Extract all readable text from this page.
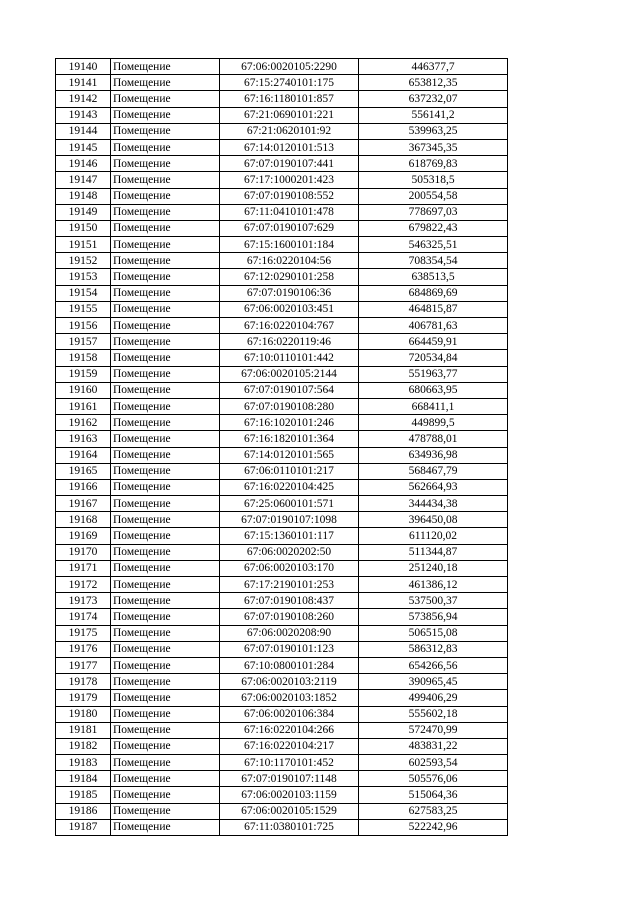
19140	Помещение	67:06:0020105:2290	446377,7
19141	Помещение	67:15:2740101:175	653812,35
19142	Помещение	67:16:1180101:857	637232,07
19143	Помещение	67:21:0690101:221	556141,2
19144	Помещение	67:21:0620101:92	539963,25
19145	Помещение	67:14:0120101:513	367345,35
19146	Помещение	67:07:0190107:441	618769,83
19147	Помещение	67:17:1000201:423	505318,5
19148	Помещение	67:07:0190108:552	200554,58
19149	Помещение	67:11:0410101:478	778697,03
19150	Помещение	67:07:0190107:629	679822,43
19151	Помещение	67:15:1600101:184	546325,51
19152	Помещение	67:16:0220104:56	708354,54
19153	Помещение	67:12:0290101:258	638513,5
19154	Помещение	67:07:0190106:36	684869,69
19155	Помещение	67:06:0020103:451	464815,87
19156	Помещение	67:16:0220104:767	406781,63
19157	Помещение	67:16:0220119:46	664459,91
19158	Помещение	67:10:0110101:442	720534,84
19159	Помещение	67:06:0020105:2144	551963,77
19160	Помещение	67:07:0190107:564	680663,95
19161	Помещение	67:07:0190108:280	668411,1
19162	Помещение	67:16:1020101:246	449899,5
19163	Помещение	67:16:1820101:364	478788,01
19164	Помещение	67:14:0120101:565	634936,98
19165	Помещение	67:06:0110101:217	568467,79
19166	Помещение	67:16:0220104:425	562664,93
19167	Помещение	67:25:0600101:571	344434,38
19168	Помещение	67:07:0190107:1098	396450,08
19169	Помещение	67:15:1360101:117	611120,02
19170	Помещение	67:06:0020202:50	511344,87
19171	Помещение	67:06:0020103:170	251240,18
19172	Помещение	67:17:2190101:253	461386,12
19173	Помещение	67:07:0190108:437	537500,37
19174	Помещение	67:07:0190108:260	573856,94
19175	Помещение	67:06:0020208:90	506515,08
19176	Помещение	67:07:0190101:123	586312,83
19177	Помещение	67:10:0800101:284	654266,56
19178	Помещение	67:06:0020103:2119	390965,45
19179	Помещение	67:06:0020103:1852	499406,29
19180	Помещение	67:06:0020106:384	555602,18
19181	Помещение	67:16:0220104:266	572470,99
19182	Помещение	67:16:0220104:217	483831,22
19183	Помещение	67:10:1170101:452	602593,54
19184	Помещение	67:07:0190107:1148	505576,06
19185	Помещение	67:06:0020103:1159	515064,36
19186	Помещение	67:06:0020105:1529	627583,25
19187	Помещение	67:11:0380101:725	522242,96
